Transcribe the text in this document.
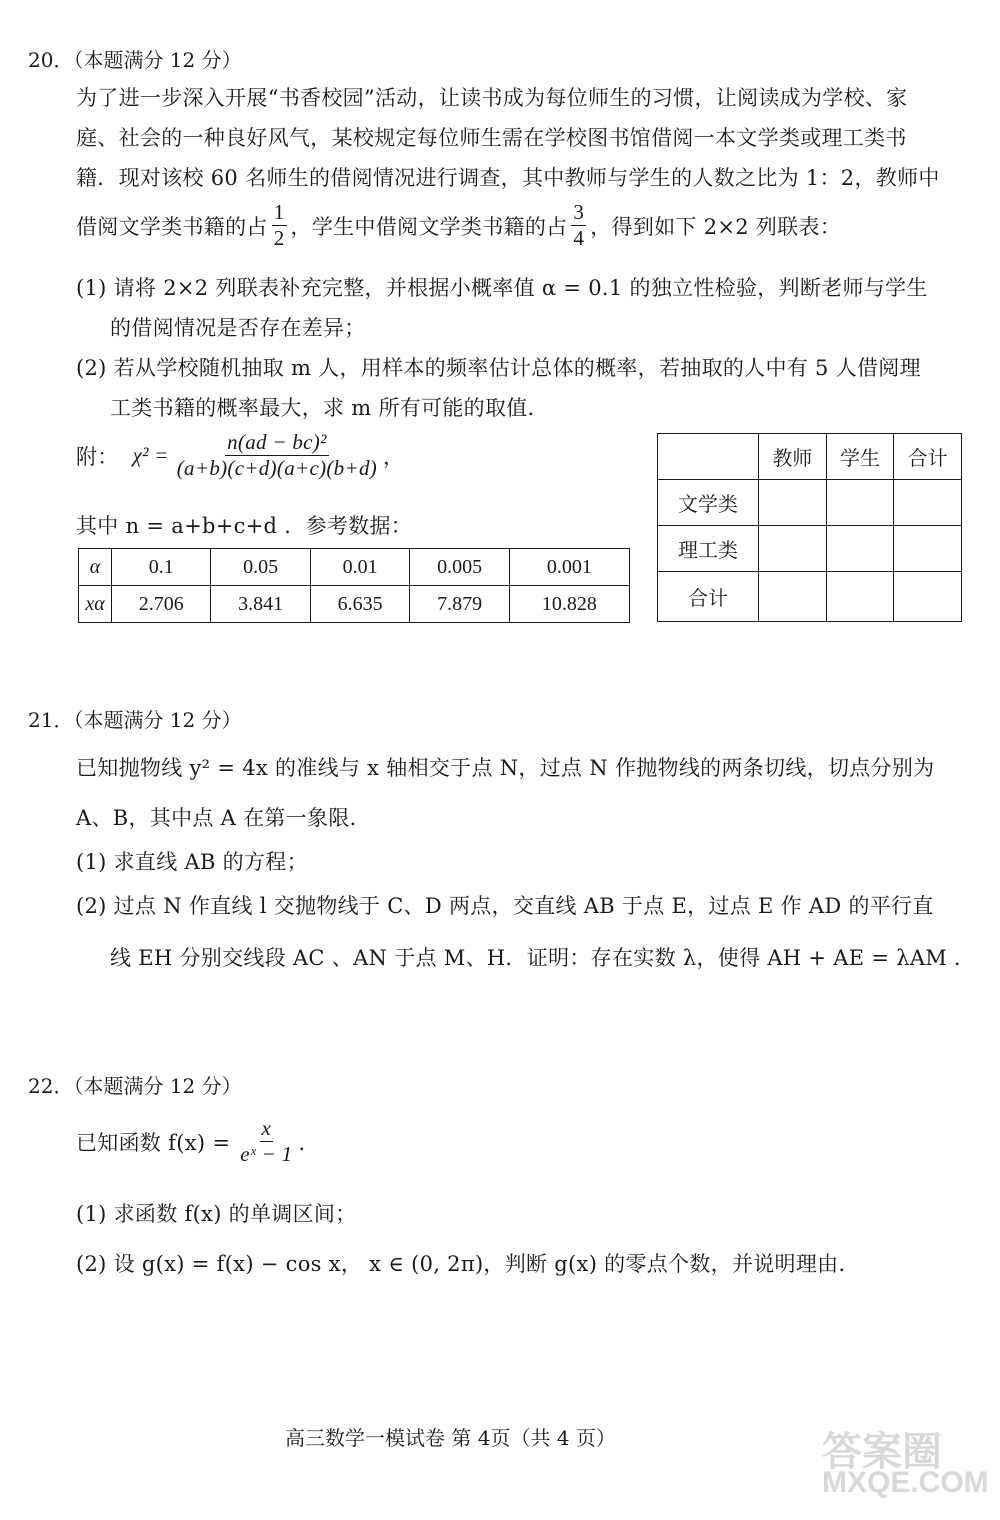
20．（本题满分 12 分）
为了进一步深入开展“书香校园”活动，让读书成为每位师生的习惯，让阅读成为学校、家
庭、社会的一种良好风气，某校规定每位师生需在学校图书馆借阅一本文学类或理工类书
籍．现对该校 60 名师生的借阅情况进行调查，其中教师与学生的人数之比为 1：2，教师中
借阅文学类书籍的占 $\frac{1}{2}$ ，学生中借阅文学类书籍的占 $\frac{3}{4}$ ，得到如下 2×2 列联表：
(1) 请将 2×2 列联表补充完整，并根据小概率值 α = 0.1 的独立性检验，判断老师与学生
的借阅情况是否存在差异；
(2) 若从学校随机抽取 m 人，用样本的频率估计总体的概率，若抽取的人中有 5 人借阅理
工类书籍的概率最大，求 m 所有可能的取值．
附： $\chi^2 = \frac{\text{n(ad − bc)²}}{(a+b)(c+d)(a+c)(b+d)}$ ，
其中 n = a+b+c+d ．参考数据：
α	0.1	0.05	0.01	0.005	0.001
xα	2.706	3.841	6.635	7.879	10.828
	教师	学生	合计
文学类			
理工类			
合计			
21．（本题满分 12 分）
已知抛物线 y² = 4x 的准线与 x 轴相交于点 N，过点 N 作抛物线的两条切线，切点分别为
A、B，其中点 A 在第一象限．
(1) 求直线 AB 的方程；
(2) 过点 N 作直线 l 交抛物线于 C、D 两点，交直线 AB 于点 E，过点 E 作 AD 的平行直
线 EH 分别交线段 AC 、AN 于点 M、H．证明：存在实数 λ，使得 AH + AE = λAM ．
22．（本题满分 12 分）
已知函数 $f(x) = \frac{x}{\text{eˣ − 1}}$ ．
(1) 求函数 f(x) 的单调区间；
(2) 设 g(x) = f(x) − cos x， x ∈ (0, 2π)，判断 g(x) 的零点个数，并说明理由．
高三数学一模试卷 第 4页（共 4 页）	答案圈
MXQE.COM
